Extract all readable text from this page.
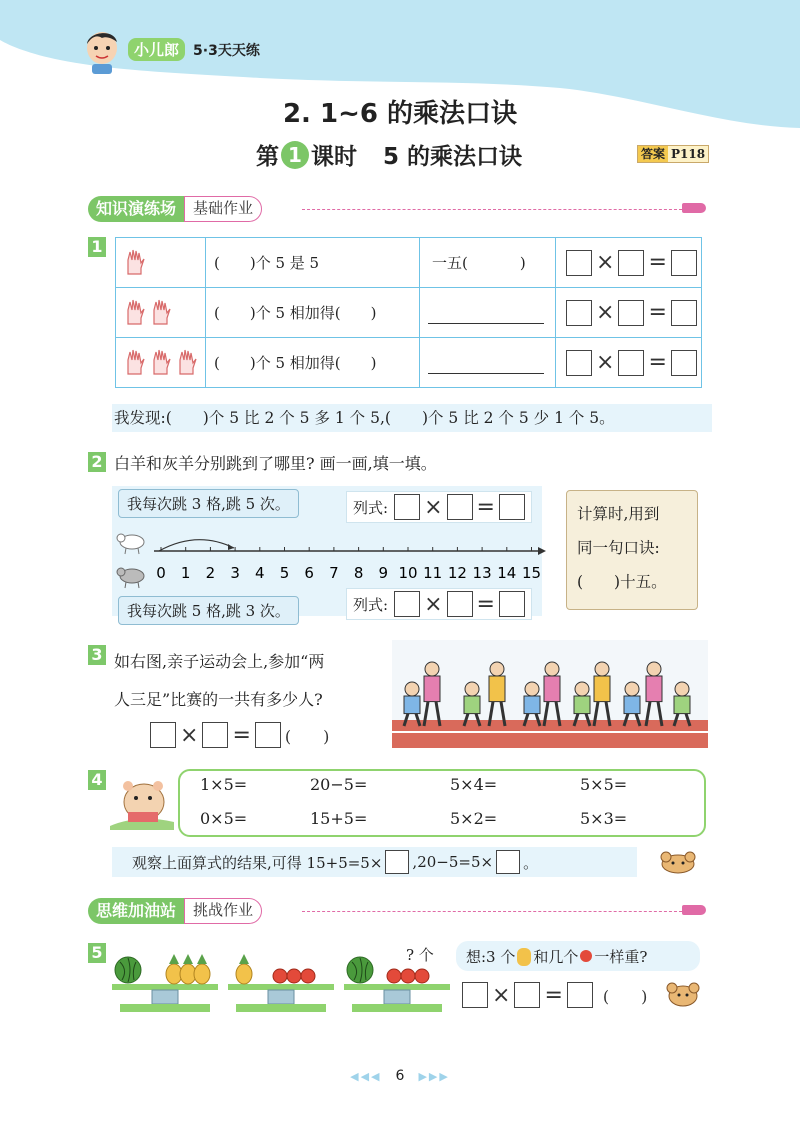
小儿郎	5·3天天练
2. 1~6 的乘法口诀
第 1 课时 5 的乘法口诀	答案 P118
知识演练场	基础作业
1
	(　　)个 5 是 5	一五( )	× =

	(　　)个 5 相加得(　　)		× =

	(　　)个 5 相加得(　　)		× =
我发现:(　　)个 5 比 2 个 5 多 1 个 5,(　　)个 5 比 2 个 5 少 1 个 5。
2 白羊和灰羊分别跳到了哪里? 画一画,填一填。
我每次跳 3 格,跳 5 次。
我每次跳 5 格,跳 3 次。
列式:	× =
列式:	× =
0 1 2 3 4 5 6 7 8 9 10 11 12 13 14 15
计算时,用到
同一句口诀:
(　　)十五。
3 如右图,亲子运动会上,参加“两
人三足”比赛的一共有多少人?
× = (　　)
4	1×5=	20−5=	5×4=	5×5=
0×5=	15+5=	5×2=	5×3=
观察上面算式的结果,可得 15+5=5× ,20−5=5× 。
思维加油站	挑战作业
5	? 个 想:3 个 和几个 一样重?
× =	(　　)
◀◀◀ 6 ▶▶▶
